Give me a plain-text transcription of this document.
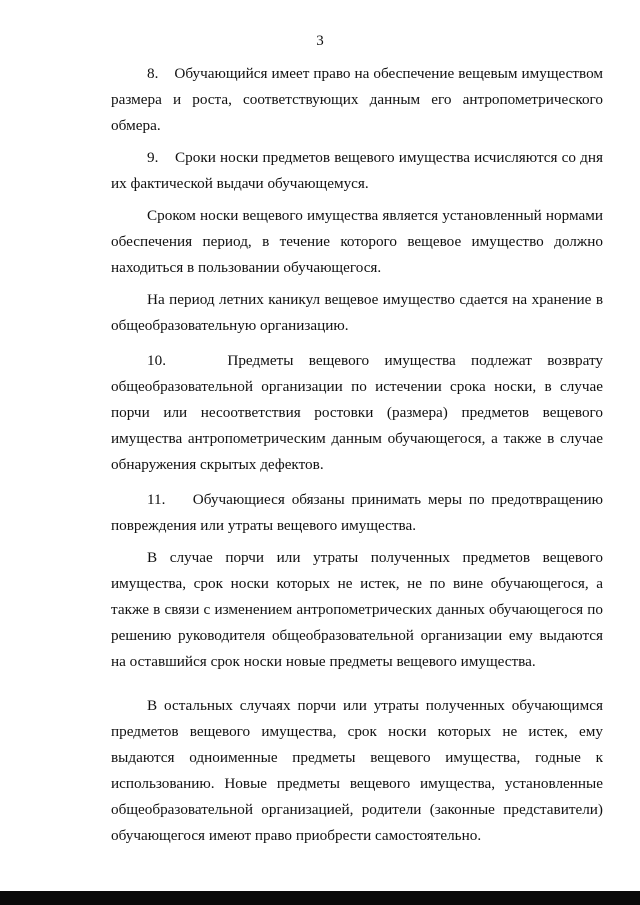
3

8.    Обучающийся имеет право на обеспечение вещевым имуществом размера и роста, соответствующих данным его антропометрического обмера.

9.    Сроки носки предметов вещевого имущества исчисляются со дня их фактической выдачи обучающемуся.

Сроком носки вещевого имущества является установленный нормами обеспечения период, в течение которого вещевое имущество должно находиться в пользовании обучающегося.

На период летних каникул вещевое имущество сдается на хранение в общеобразовательную организацию.

10.    Предметы вещевого имущества подлежат возврату общеобразовательной организации по истечении срока носки, в случае порчи или несоответствия ростовки (размера) предметов вещевого имущества антропометрическим данным обучающегося, а также в случае обнаружения скрытых дефектов.

11.    Обучающиеся обязаны принимать меры по предотвращению повреждения или утраты вещевого имущества.

В случае порчи или утраты полученных предметов вещевого имущества, срок носки которых не истек, не по вине обучающегося, а также в связи с изменением антропометрических данных обучающегося по решению руководителя общеобразовательной организации ему выдаются на оставшийся срок носки новые предметы вещевого имущества.

В остальных случаях порчи или утраты полученных обучающимся предметов вещевого имущества, срок носки которых не истек, ему выдаются одноименные предметы вещевого имущества, годные к использованию. Новые предметы вещевого имущества, установленные общеобразовательной организацией, родители (законные представители) обучающегося имеют право приобрести самостоятельно.
